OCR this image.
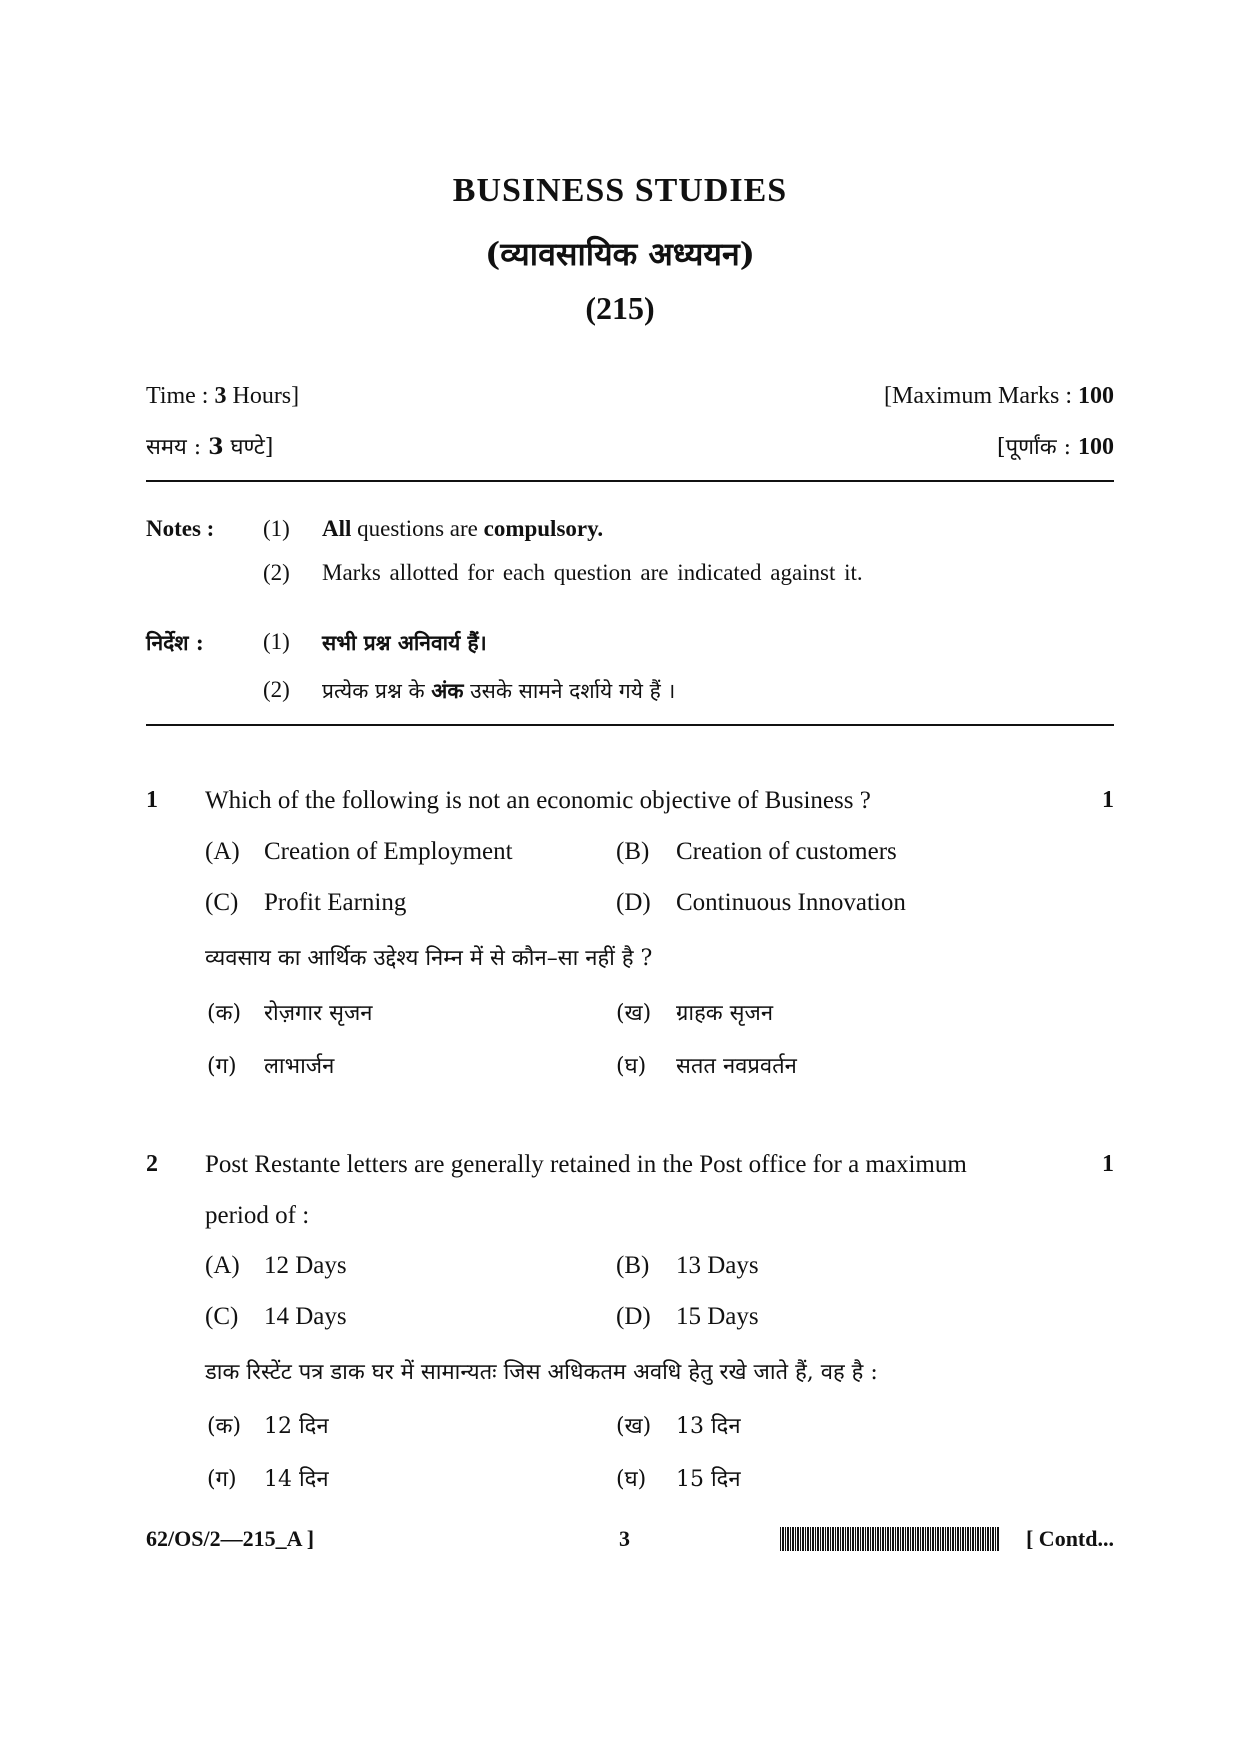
BUSINESS STUDIES
(व्यावसायिक अध्ययन)
(215)
Time : 3 Hours]	[Maximum Marks : 100
समय : 3 घण्टे]	[पूर्णांक : 100
Notes : (1) All questions are compulsory.
(2) Marks allotted for each question are indicated against it.
निर्देश :	(1) सभी प्रश्न अनिवार्य हैं।
(2) प्रत्येक प्रश्न के अंक उसके सामने दर्शाये गये हैं ।
1 Which of the following is not an economic objective of Business ?	1
(A) Creation of Employment	(B) Creation of customers
(C) Profit Earning	(D) Continuous Innovation
व्यवसाय का आर्थिक उद्देश्य निम्न में से कौन–सा नहीं है ?
(क) रोज़गार सृजन	(ख) ग्राहक सृजन
(ग) लाभार्जन	(घ) सतत नवप्रवर्तन
2 Post Restante letters are generally retained in the Post office for a maximum	1
period of :
(A) 12 Days	(B) 13 Days
(C) 14 Days	(D) 15 Days
डाक रिस्टेंट पत्र डाक घर में सामान्यतः जिस अधिकतम अवधि हेतु रखे जाते हैं, वह है :
(क) 12 दिन	(ख) 13 दिन
(ग) 14 दिन	(घ) 15 दिन
62/OS/2—215_A ]	3	[ Contd...
